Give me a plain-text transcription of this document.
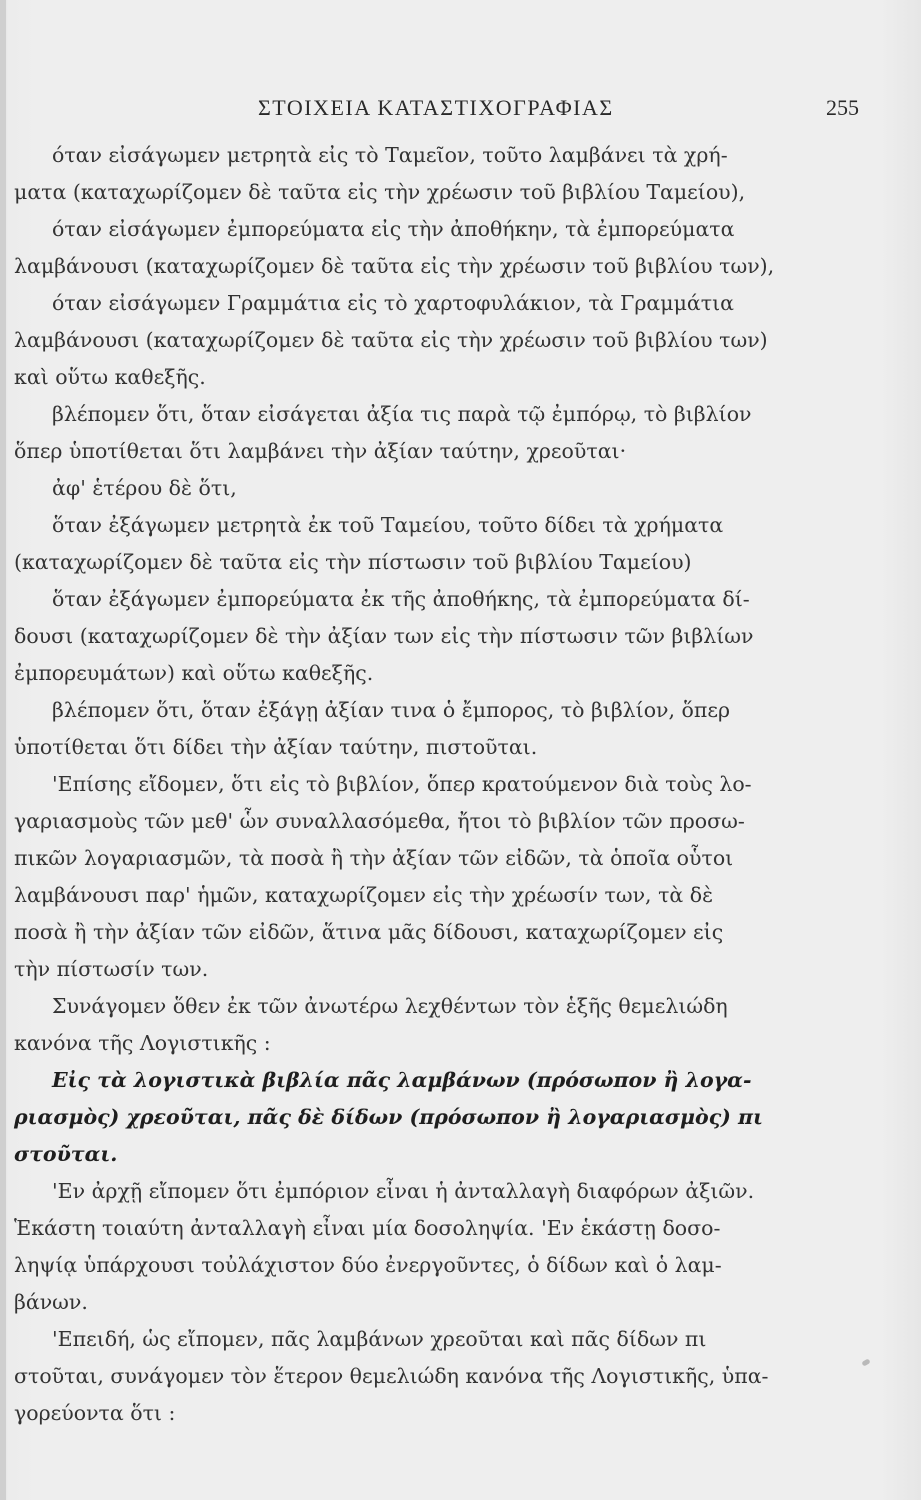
ΣΤΟΙΧΕΙΑ ΚΑΤΑΣΤΙΧΟΓΡΑΦΙΑΣ	255
όταν εἰσάγωμεν μετρητὰ εἰς τὸ Ταμεῖον, τοῦτο λαμβάνει τὰ χρή-
ματα (καταχωρίζομεν δὲ ταῦτα εἰς τὴν χρέωσιν τοῦ βιβλίου Ταμείου),
όταν εἰσάγωμεν ἐμπορεύματα εἰς τὴν ἀποθήκην, τὰ ἐμπορεύματα
λαμβάνουσι (καταχωρίζομεν δὲ ταῦτα εἰς τὴν χρέωσιν τοῦ βιβλίου των),
όταν εἰσάγωμεν Γραμμάτια εἰς τὸ χαρτοφυλάκιον, τὰ Γραμμάτια
λαμβάνουσι (καταχωρίζομεν δὲ ταῦτα εἰς τὴν χρέωσιν τοῦ βιβλίου των)
καὶ οὕτω καθεξῆς.
βλέπομεν ὅτι, ὅταν εἰσάγεται ἀξία τις παρὰ τῷ ἐμπόρῳ, τὸ βιβλίον
ὅπερ ὑποτίθεται ὅτι λαμβάνει τὴν ἀξίαν ταύτην, χρεοῦται·
ἀφ' ἑτέρου δὲ ὅτι,
ὅταν ἐξάγωμεν μετρητὰ ἐκ τοῦ Ταμείου, τοῦτο δίδει τὰ χρήματα
(καταχωρίζομεν δὲ ταῦτα εἰς τὴν πίστωσιν τοῦ βιβλίου Ταμείου)
ὅταν ἐξάγωμεν ἐμπορεύματα ἐκ τῆς ἀποθήκης, τὰ ἐμπορεύματα δί-
δουσι (καταχωρίζομεν δὲ τὴν ἀξίαν των εἰς τὴν πίστωσιν τῶν βιβλίων
ἐμπορευμάτων) καὶ οὕτω καθεξῆς.
βλέπομεν ὅτι, ὅταν ἐξάγῃ ἀξίαν τινα ὁ ἔμπορος, τὸ βιβλίον, ὅπερ
ὑποτίθεται ὅτι δίδει τὴν ἀξίαν ταύτην, πιστοῦται.
'Επίσης εἴδομεν, ὅτι εἰς τὸ βιβλίον, ὅπερ κρατούμενον διὰ τοὺς λο-
γαριασμοὺς τῶν μεθ' ὧν συναλλασόμεθα, ἤτοι τὸ βιβλίον τῶν προσω-
πικῶν λογαριασμῶν, τὰ ποσὰ ἢ τὴν ἀξίαν τῶν εἰδῶν, τὰ ὁποῖα οὗτοι
λαμβάνουσι παρ' ἡμῶν, καταχωρίζομεν εἰς τὴν χρέωσίν των, τὰ δὲ
ποσὰ ἢ τὴν ἀξίαν τῶν εἰδῶν, ἅτινα μᾶς δίδουσι, καταχωρίζομεν εἰς
τὴν πίστωσίν των.
Συνάγομεν ὅθεν ἐκ τῶν ἀνωτέρω λεχθέντων τὸν ἑξῆς θεμελιώδη
κανόνα τῆς Λογιστικῆς :
Εἰς τὰ λογιστικὰ βιβλία πᾶς λαμβάνων (πρόσωπον ἢ λογα-
ριασμὸς) χρεοῦται, πᾶς δὲ δίδων (πρόσωπον ἢ λογαριασμὸς) πι
στοῦται.
'Εν ἀρχῇ εἴπομεν ὅτι ἐμπόριον εἶναι ἡ ἀνταλλαγὴ διαφόρων ἀξιῶν.
Ἑκάστη τοιαύτη ἀνταλλαγὴ εἶναι μία δοσοληψία. 'Εν ἑκάστῃ δοσο-
ληψίᾳ ὑπάρχουσι τοὐλάχιστον δύο ἐνεργοῦντες, ὁ δίδων καὶ ὁ λαμ-
βάνων.
'Επειδή, ὡς εἴπομεν, πᾶς λαμβάνων χρεοῦται καὶ πᾶς δίδων πι
στοῦται, συνάγομεν τὸν ἕτερον θεμελιώδη κανόνα τῆς Λογιστικῆς, ὑπα-
γορεύοντα ὅτι :
